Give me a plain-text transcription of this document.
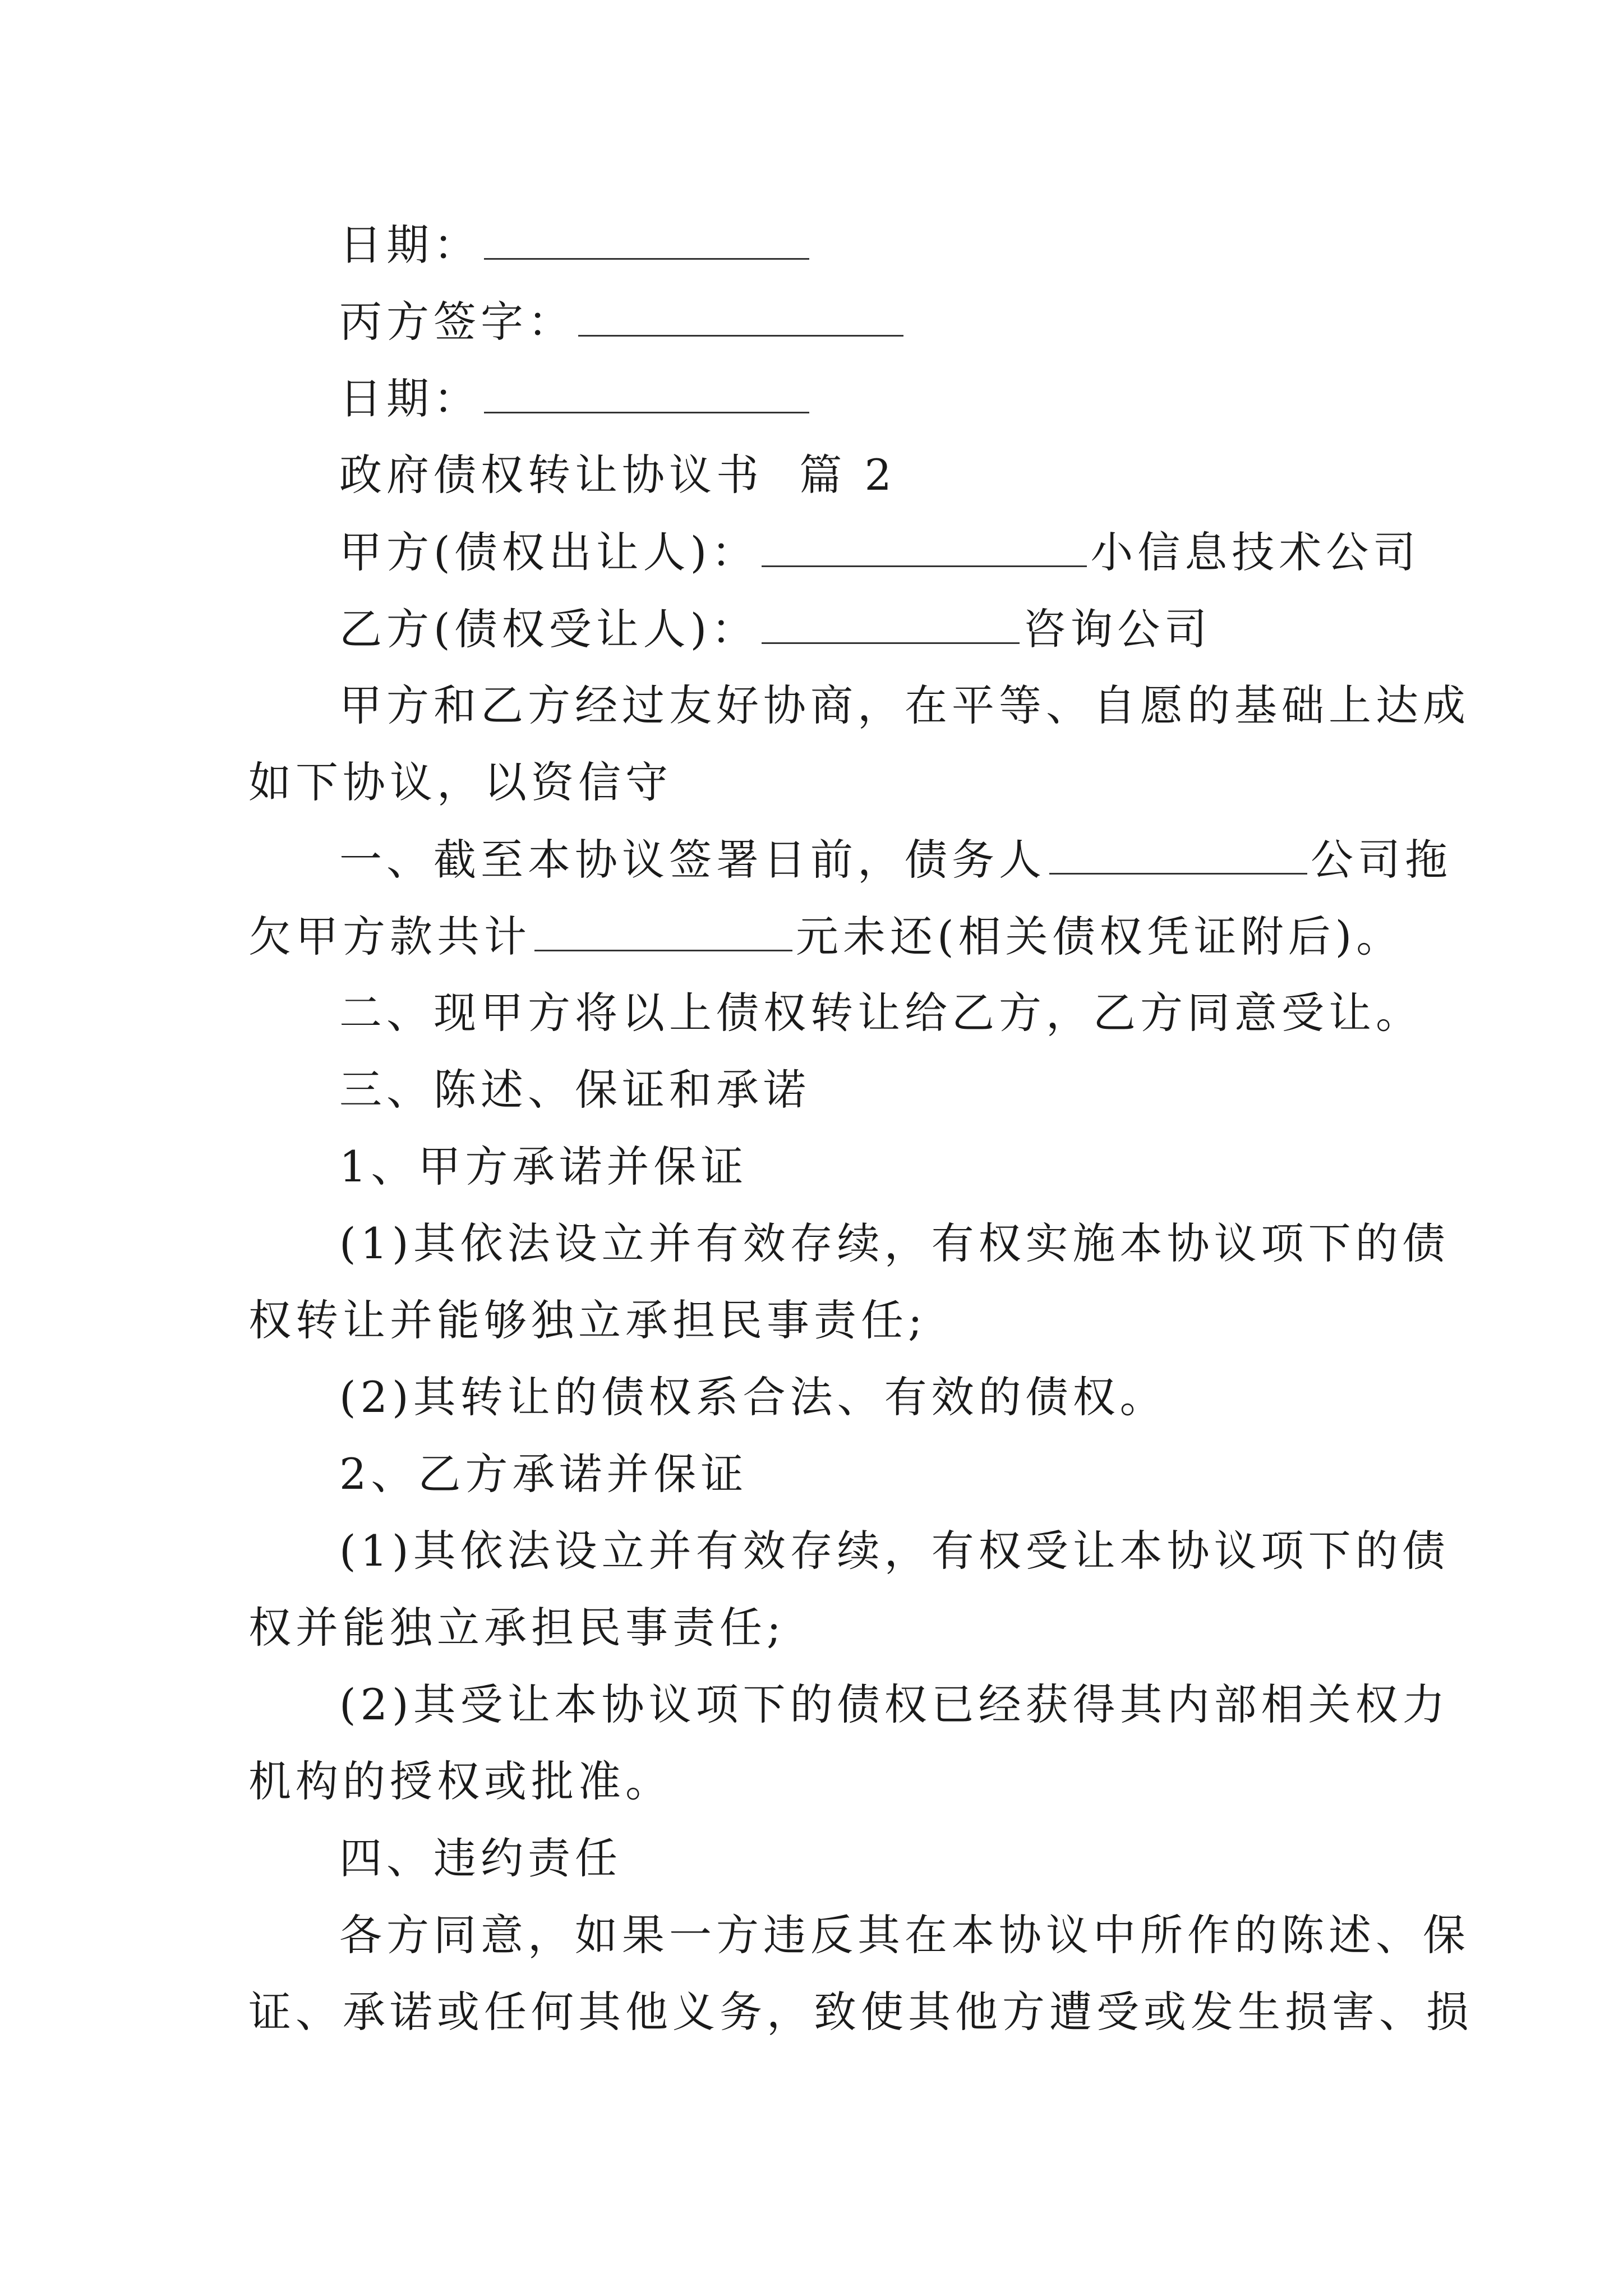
日期：
丙方签字：
日期：
政府债权转让协议书  篇 2
甲方(债权出让人)：	小信息技术公司
乙方(债权受让人)：	咨询公司
甲方和乙方经过友好协商，在平等、自愿的基础上达成
如下协议，以资信守
一、截至本协议签署日前，债务人	公司拖
欠甲方款共计	元未还(相关债权凭证附后)。
二、现甲方将以上债权转让给乙方，乙方同意受让。
三、陈述、保证和承诺
1、甲方承诺并保证
(1)其依法设立并有效存续，有权实施本协议项下的债
权转让并能够独立承担民事责任;
(2)其转让的债权系合法、有效的债权。
2、乙方承诺并保证
(1)其依法设立并有效存续，有权受让本协议项下的债
权并能独立承担民事责任;
(2)其受让本协议项下的债权已经获得其内部相关权力
机构的授权或批准。
四、违约责任
各方同意，如果一方违反其在本协议中所作的陈述、保
证、承诺或任何其他义务，致使其他方遭受或发生损害、损
